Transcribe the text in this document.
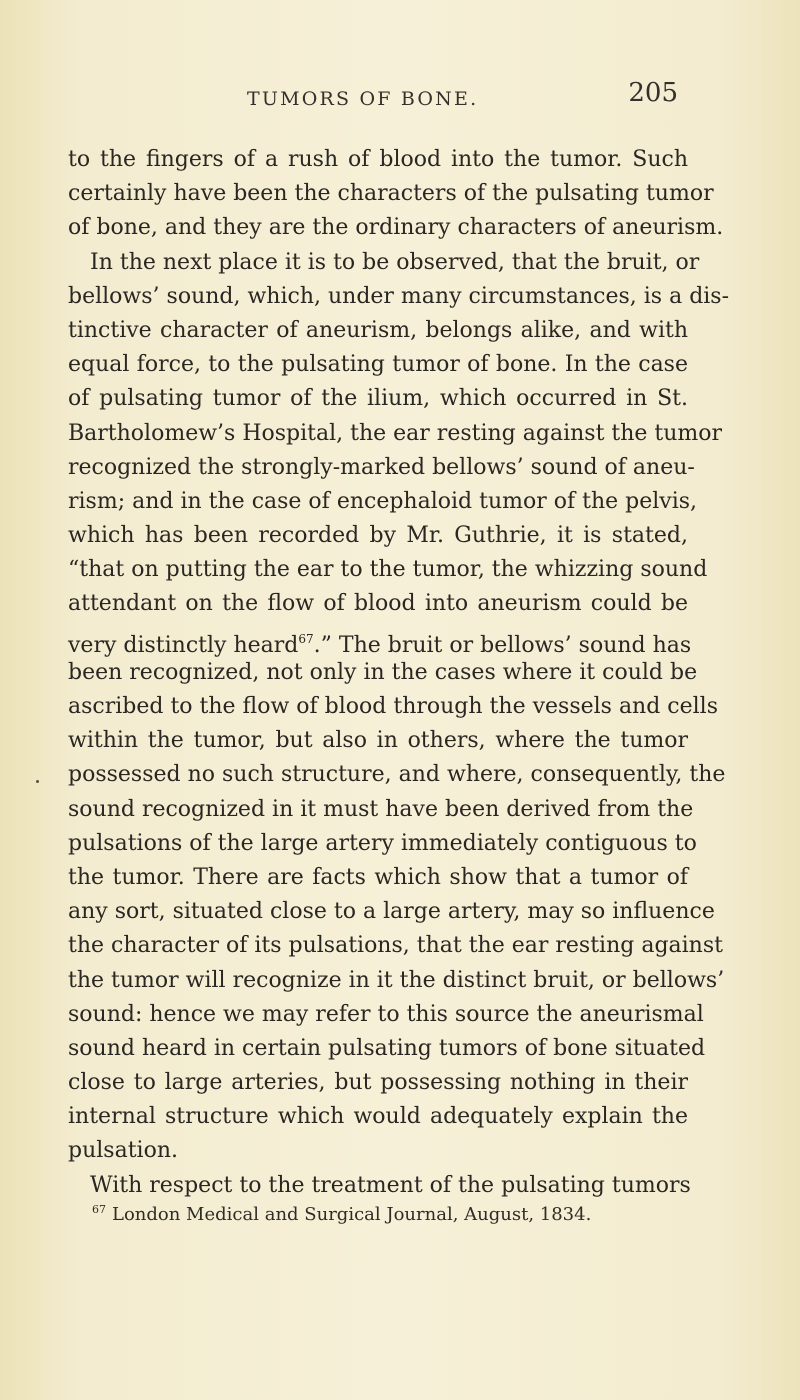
TUMORS OF BONE.	205
to the fingers of a rush of blood into the tumor. Such
certainly have been the characters of the pulsating tumor
of bone, and they are the ordinary characters of aneurism.
In the next place it is to be observed, that the bruit, or
bellows’ sound, which, under many circumstances, is a dis-
tinctive character of aneurism, belongs alike, and with
equal force, to the pulsating tumor of bone. In the case
of pulsating tumor of the ilium, which occurred in St.
Bartholomew’s Hospital, the ear resting against the tumor
recognized the strongly-marked bellows’ sound of aneu-
rism; and in the case of encephaloid tumor of the pelvis,
which has been recorded by Mr. Guthrie, it is stated,
“that on putting the ear to the tumor, the whizzing sound
attendant on the flow of blood into aneurism could be
very distinctly heard$^{67}$.” The bruit or bellows’ sound has
been recognized, not only in the cases where it could be
ascribed to the flow of blood through the vessels and cells
within the tumor, but also in others, where the tumor
possessed no such structure, and where, consequently, the
sound recognized in it must have been derived from the
pulsations of the large artery immediately contiguous to
the tumor. There are facts which show that a tumor of
any sort, situated close to a large artery, may so influence
the character of its pulsations, that the ear resting against
the tumor will recognize in it the distinct bruit, or bellows’
sound: hence we may refer to this source the aneurismal
sound heard in certain pulsating tumors of bone situated
close to large arteries, but possessing nothing in their
internal structure which would adequately explain the
pulsation.
With respect to the treatment of the pulsating tumors
$^{67}$ London Medical and Surgical Journal, August, 1834.
